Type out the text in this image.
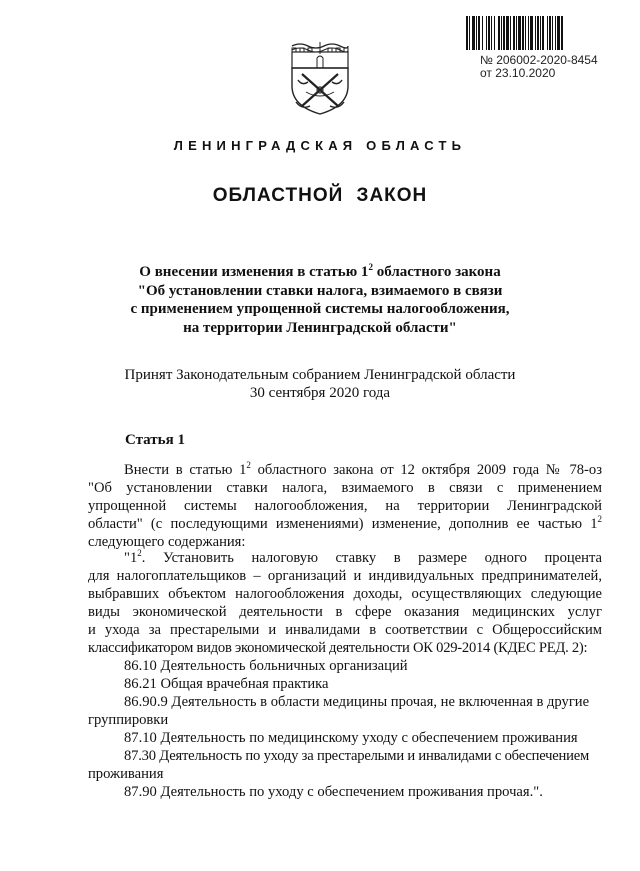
№ 206002-2020-8454
от 23.10.2020
ЛЕНИНГРАДСКАЯ ОБЛАСТЬ
ОБЛАСТНОЙ ЗАКОН
О внесении изменения в статью $1^2$ областного закона
"Об установлении ставки налога, взимаемого в связи
с применением упрощенной системы налогообложения,
на территории Ленинградской области"
Принят Законодательным собранием Ленинградской области
30 сентября 2020 года
Статья 1
Внести в статью $1^2$ областного закона от 12 октября 2009 года № 78-оз
"Об установлении ставки налога, взимаемого в связи с применением
упрощенной системы налогообложения, на территории Ленинградской
области" (с последующими изменениями) изменение, дополнив ее частью $1^2$
следующего содержания:
"$1^2$. Установить налоговую ставку в размере одного процента
для налогоплательщиков – организаций и индивидуальных предпринимателей,
выбравших объектом налогообложения доходы, осуществляющих следующие
виды экономической деятельности в сфере оказания медицинских услуг
и ухода за престарелыми и инвалидами в соответствии с Общероссийским
классификатором видов экономической деятельности ОК 029-2014 (КДЕС РЕД. 2):
86.10 Деятельность больничных организаций
86.21 Общая врачебная практика
86.90.9 Деятельность в области медицины прочая, не включенная в другие
группировки
87.10 Деятельность по медицинскому уходу с обеспечением проживания
87.30 Деятельность по уходу за престарелыми и инвалидами с обеспечением
проживания
87.90 Деятельность по уходу с обеспечением проживания прочая.".
